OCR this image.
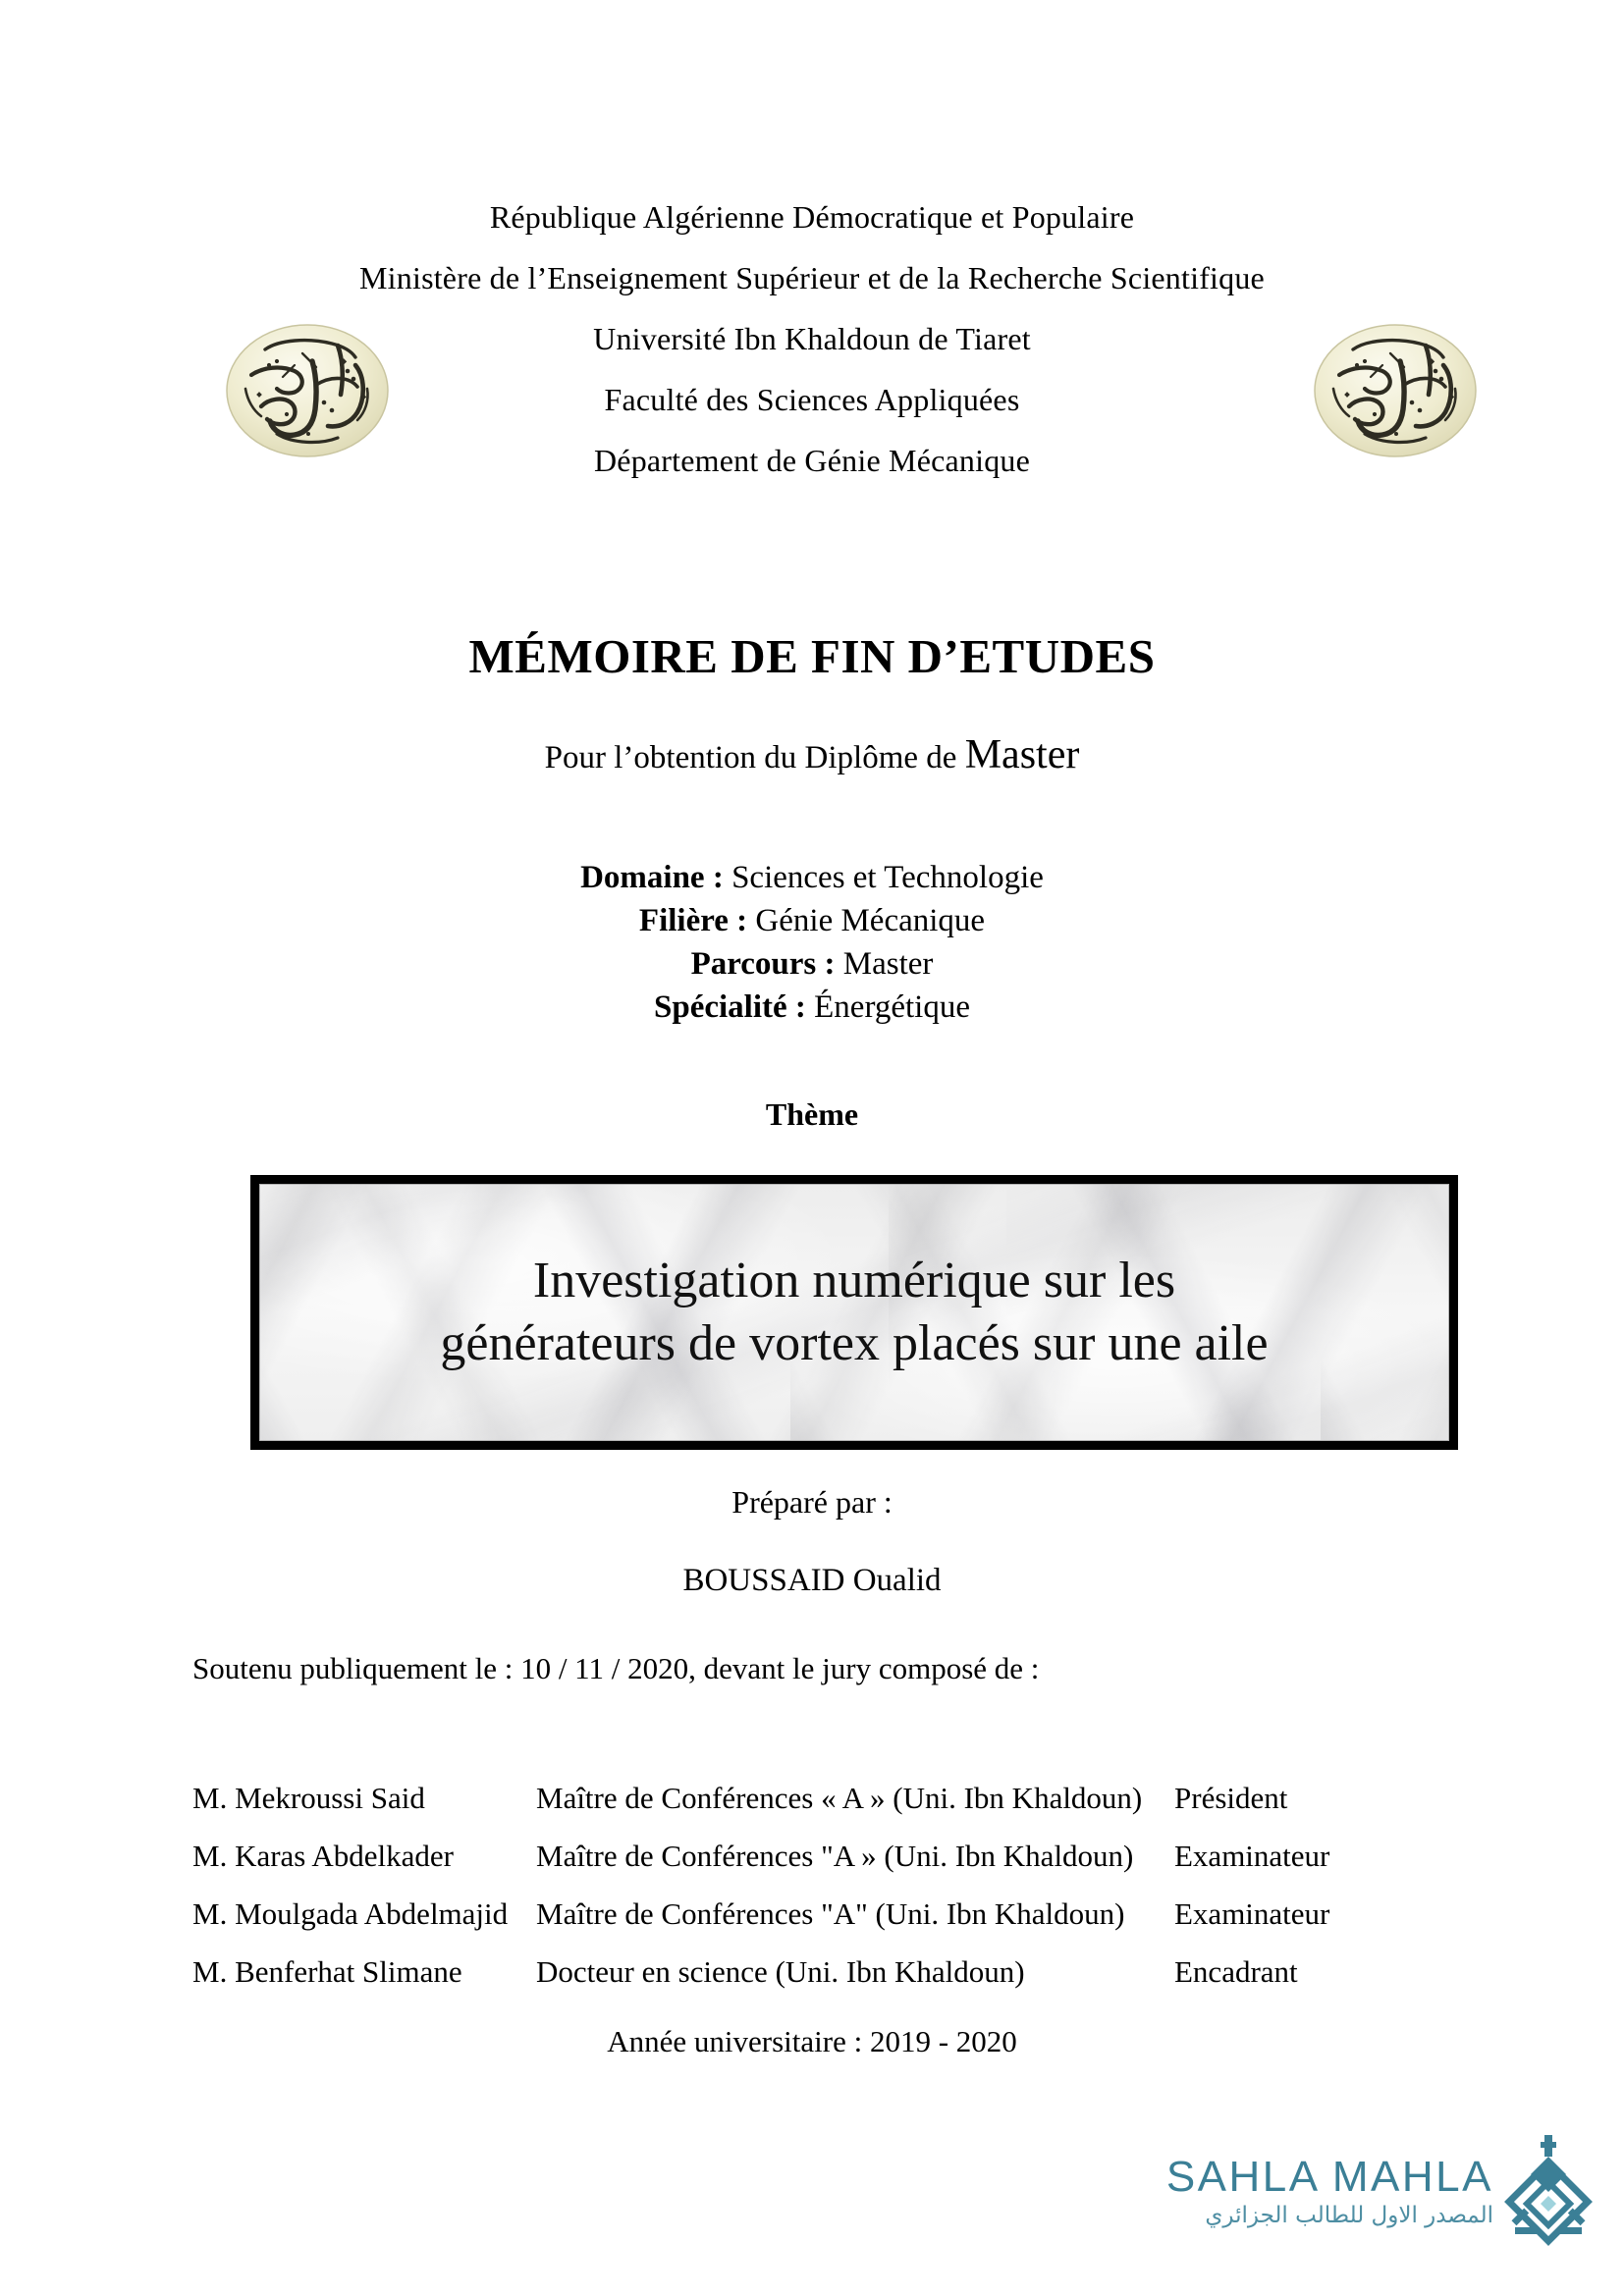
République Algérienne Démocratique et Populaire
Ministère de l’Enseignement Supérieur et de la Recherche Scientifique
Université Ibn Khaldoun de Tiaret
Faculté des Sciences Appliquées
Département de Génie Mécanique
MÉMOIRE DE FIN D’ETUDES
Pour l’obtention du Diplôme de Master
Domaine : Sciences et Technologie
Filière : Génie Mécanique
Parcours : Master
Spécialité : Énergétique
Thème
Investigation numérique sur les
générateurs de vortex placés sur une aile
Préparé par :
BOUSSAID Oualid
Soutenu publiquement le : 10 / 11 / 2020, devant le jury composé de :
M. Mekroussi Said	Maître de Conférences « A » (Uni. Ibn Khaldoun)	Président
M. Karas Abdelkader	Maître de Conférences "A » (Uni. Ibn Khaldoun)	Examinateur
M. Moulgada Abdelmajid	Maître de Conférences "A" (Uni. Ibn Khaldoun)	Examinateur
M. Benferhat Slimane	Docteur en science (Uni. Ibn Khaldoun)	Encadrant
Année universitaire : 2019 - 2020
SAHLA MAHLA
المصدر الاول للطالب الجزائري
